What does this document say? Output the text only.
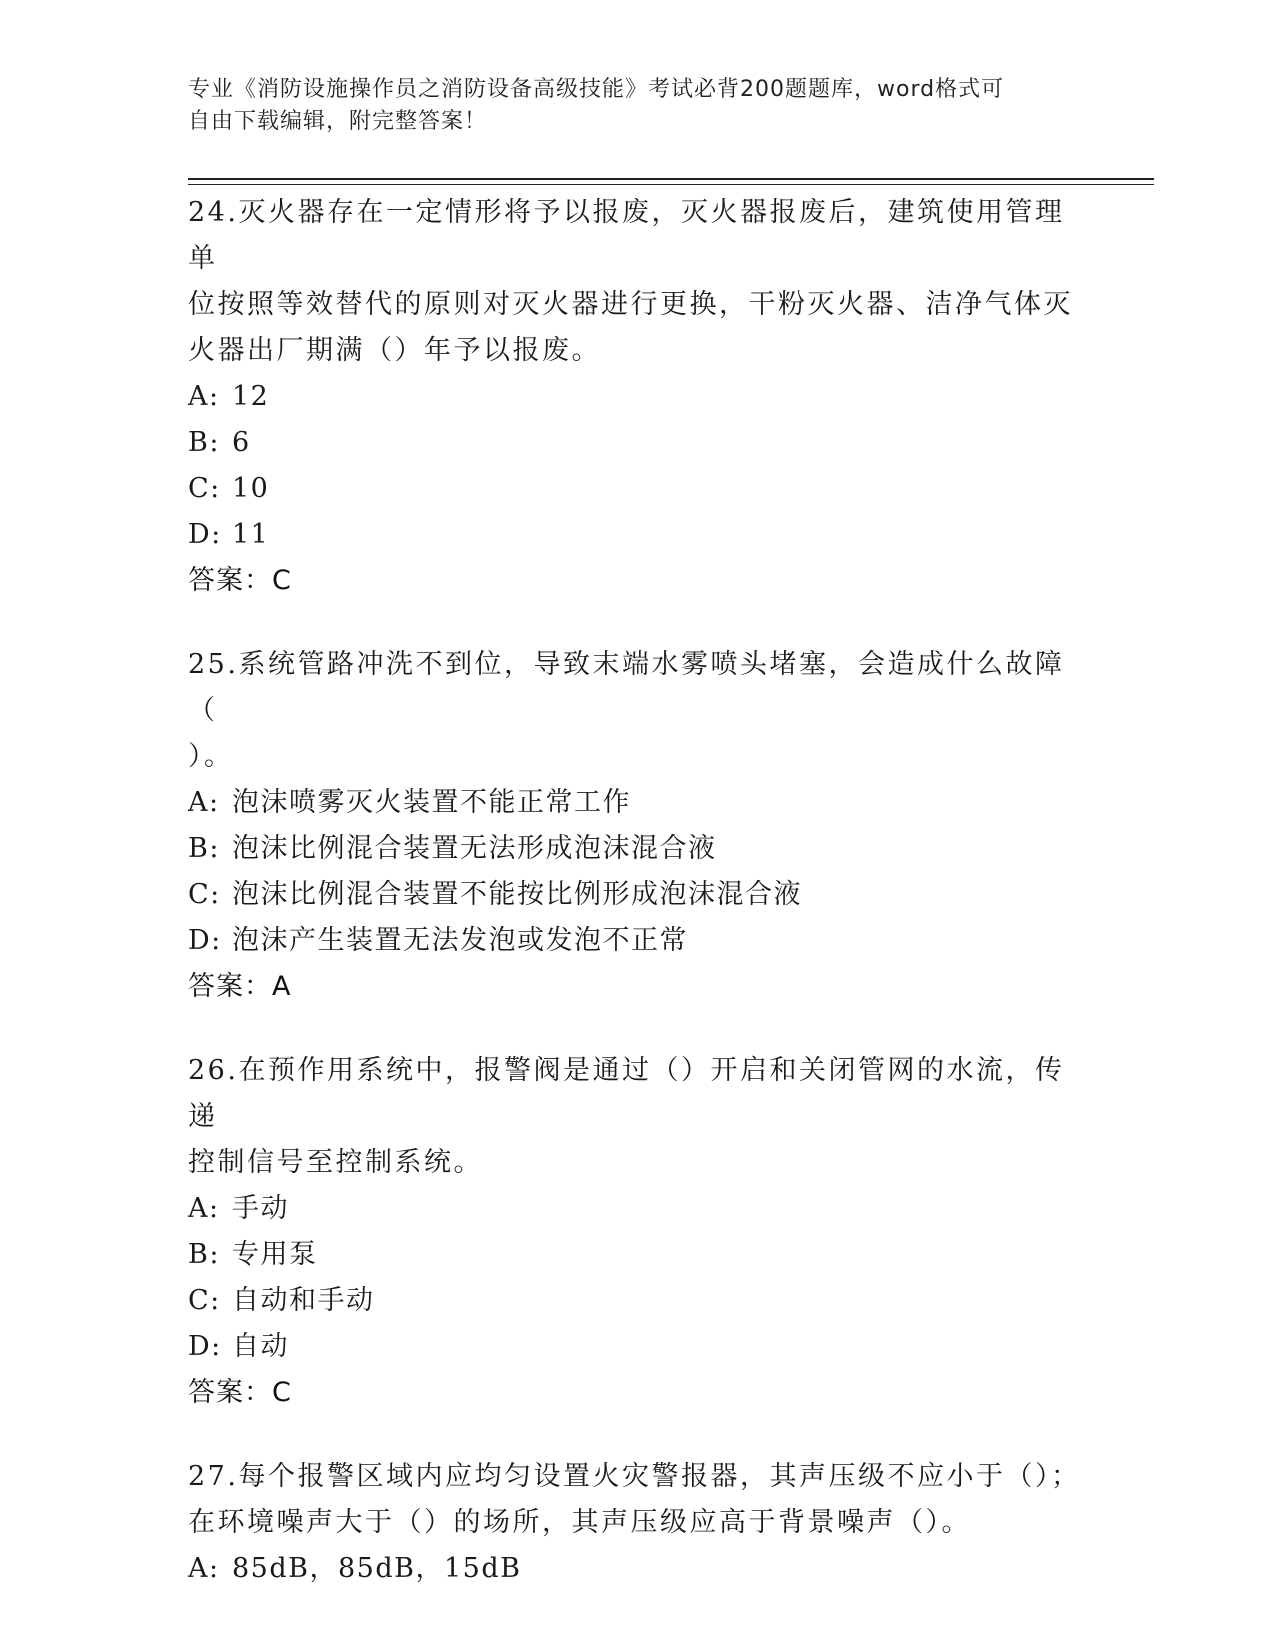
专业《消防设施操作员之消防设备高级技能》考试必背200题题库，word格式可
自由下载编辑，附完整答案！
24.灭火器存在一定情形将予以报废，灭火器报废后，建筑使用管理单
位按照等效替代的原则对灭火器进行更换，干粉灭火器、洁净气体灭
火器出厂期满（）年予以报废。
A: 12
B: 6
C: 10
D: 11
答案：C
25.系统管路冲洗不到位，导致末端水雾喷头堵塞，会造成什么故障（
）。
A: 泡沫喷雾灭火装置不能正常工作
B: 泡沫比例混合装置无法形成泡沫混合液
C: 泡沫比例混合装置不能按比例形成泡沫混合液
D: 泡沫产生装置无法发泡或发泡不正常
答案：A
26.在预作用系统中，报警阀是通过（）开启和关闭管网的水流，传递
控制信号至控制系统。
A: 手动
B: 专用泵
C: 自动和手动
D: 自动
答案：C
27.每个报警区域内应均匀设置火灾警报器，其声压级不应小于（）；
在环境噪声大于（）的场所，其声压级应高于背景噪声（）。
A: 85dB，85dB，15dB
